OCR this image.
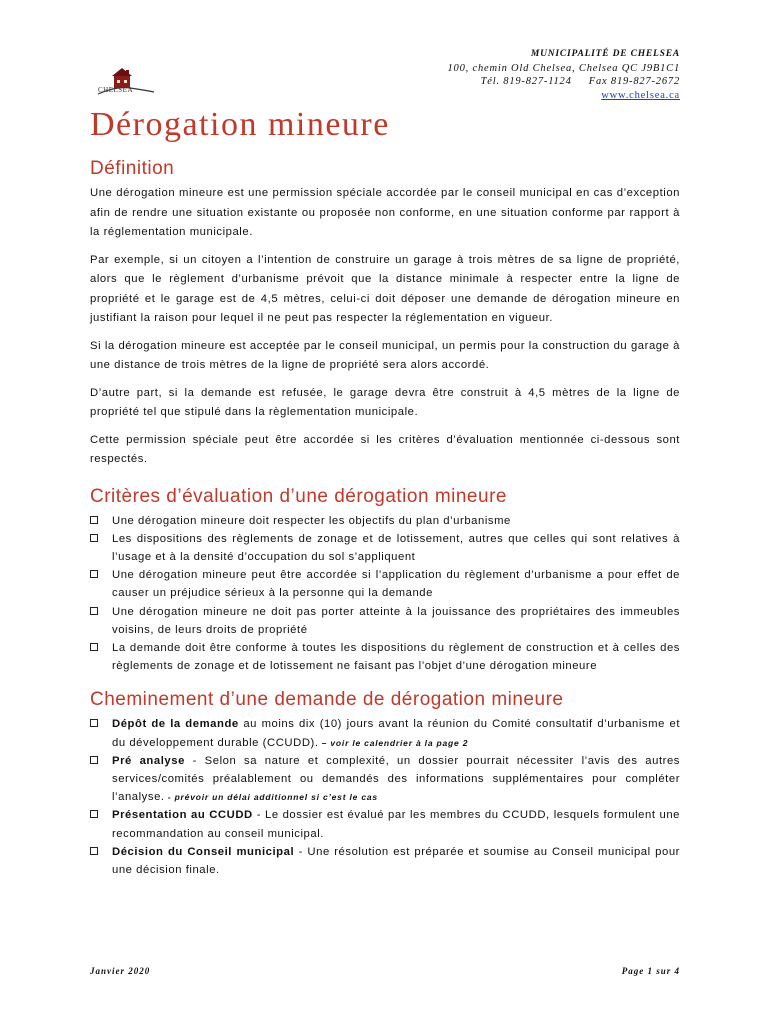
CHELSEA
MUNICIPALITÉ DE CHELSEA
100, chemin Old Chelsea, Chelsea QC J9B1C1
Tél. 819-827-1124 Fax 819-827-2672
www.chelsea.ca
Dérogation mineure
Définition

Une dérogation mineure est une permission spéciale accordée par le conseil municipal en cas d’exception afin de rendre une situation existante ou proposée non conforme, en une situation conforme par rapport à la réglementation municipale.

Par exemple, si un citoyen a l’intention de construire un garage à trois mètres de sa ligne de propriété, alors que le règlement d’urbanisme prévoit que la distance minimale à respecter entre la ligne de propriété et le garage est de 4,5 mètres, celui-ci doit déposer une demande de dérogation mineure en justifiant la raison pour lequel il ne peut pas respecter la réglementation en vigueur.

Si la dérogation mineure est acceptée par le conseil municipal, un permis pour la construction du garage à une distance de trois mètres de la ligne de propriété sera alors accordé.

D’autre part, si la demande est refusée, le garage devra être construit à 4,5 mètres de la ligne de propriété tel que stipulé dans la règlementation municipale.

Cette permission spéciale peut être accordée si les critères d’évaluation mentionnée ci-dessous sont respectés.

Critères d’évaluation d’une dérogation mineure
Une dérogation mineure doit respecter les objectifs du plan d’urbanisme
Les dispositions des règlements de zonage et de lotissement, autres que celles qui sont relatives à l’usage et à la densité d’occupation du sol s’appliquent
Une dérogation mineure peut être accordée si l’application du règlement d’urbanisme a pour effet de causer un préjudice sérieux à la personne qui la demande
Une dérogation mineure ne doit pas porter atteinte à la jouissance des propriétaires des immeubles voisins, de leurs droits de propriété
La demande doit être conforme à toutes les dispositions du règlement de construction et à celles des règlements de zonage et de lotissement ne faisant pas l’objet d’une dérogation mineure
Cheminement d’une demande de dérogation mineure
Dépôt de la demande au moins dix (10) jours avant la réunion du Comité consultatif d’urbanisme et du développement durable (CCUDD). – voir le calendrier à la page 2
Pré analyse - Selon sa nature et complexité, un dossier pourrait nécessiter l’avis des autres services/comités préalablement ou demandés des informations supplémentaires pour compléter l’analyse. - prévoir un délai additionnel si c’est le cas
Présentation au CCUDD - Le dossier est évalué par les membres du CCUDD, lesquels formulent une recommandation au conseil municipal.
Décision du Conseil municipal - Une résolution est préparée et soumise au Conseil municipal pour une décision finale.
Janvier 2020	Page 1 sur 4
